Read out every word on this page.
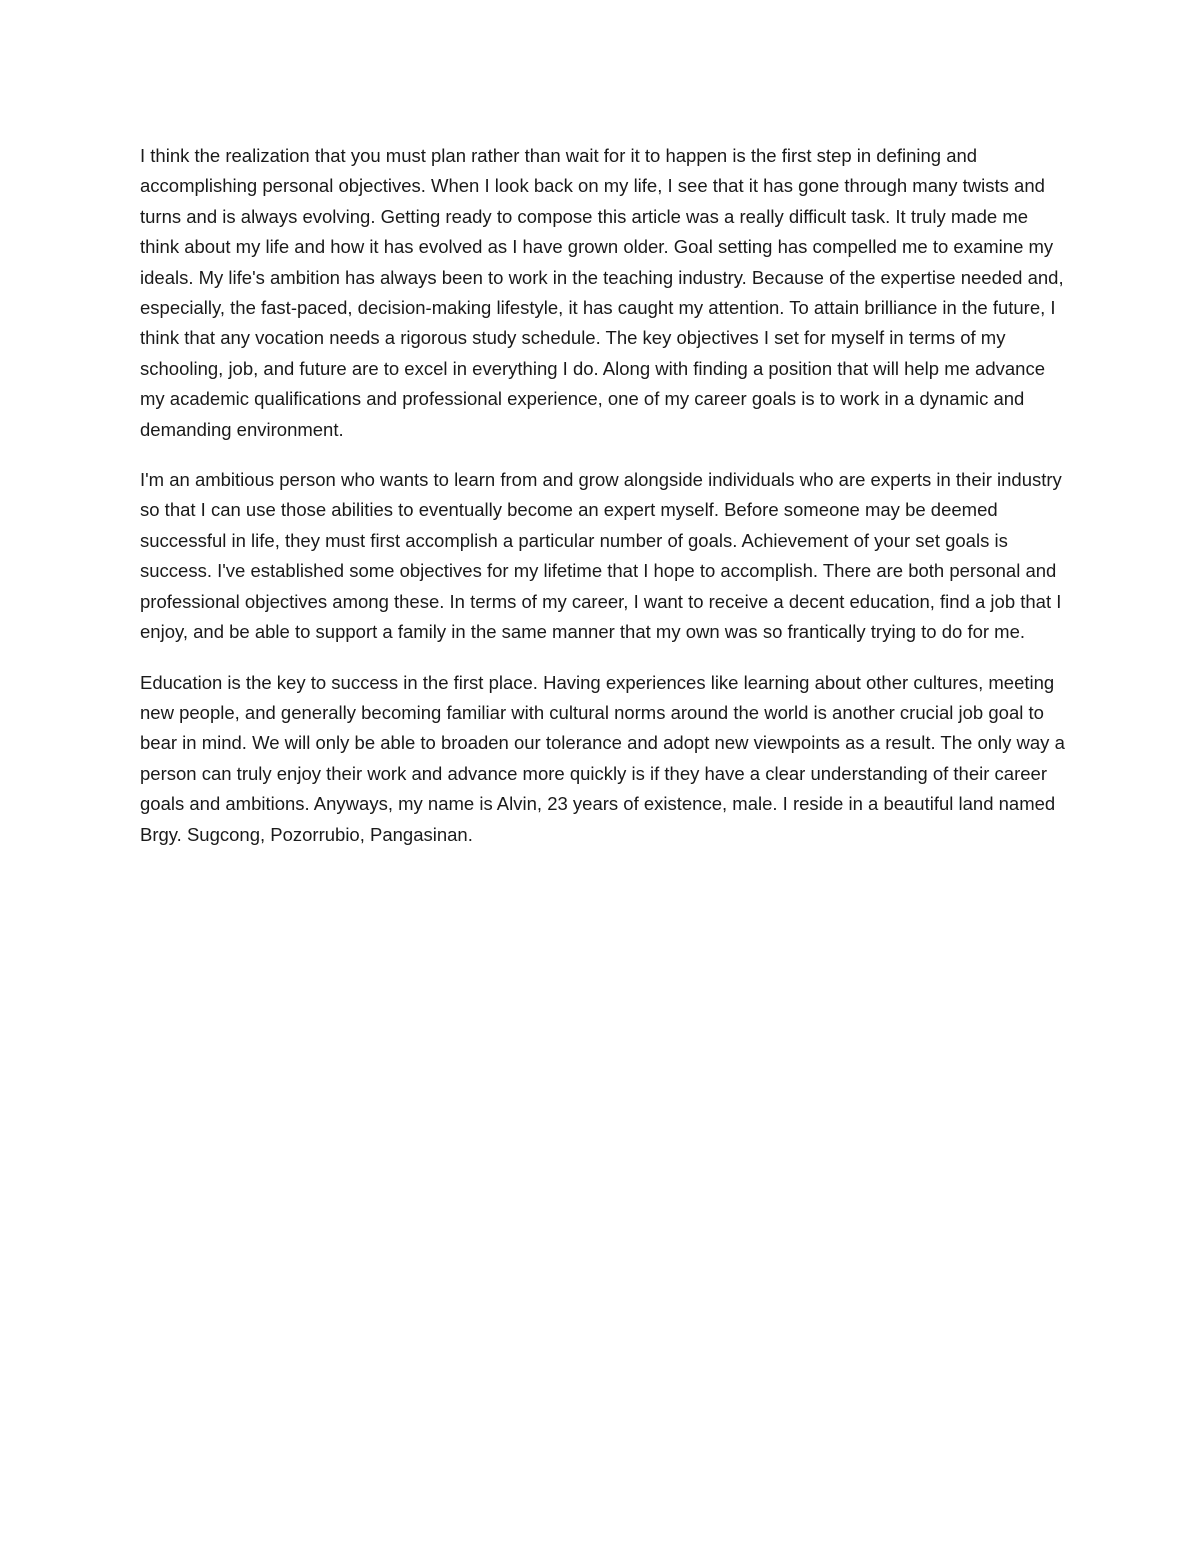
I think the realization that you must plan rather than wait for it to happen is the first step in defining and accomplishing personal objectives. When I look back on my life, I see that it has gone through many twists and turns and is always evolving. Getting ready to compose this article was a really difficult task. It truly made me think about my life and how it has evolved as I have grown older. Goal setting has compelled me to examine my ideals. My life's ambition has always been to work in the teaching industry. Because of the expertise needed and, especially, the fast-paced, decision-making lifestyle, it has caught my attention. To attain brilliance in the future, I think that any vocation needs a rigorous study schedule. The key objectives I set for myself in terms of my schooling, job, and future are to excel in everything I do. Along with finding a position that will help me advance my academic qualifications and professional experience, one of my career goals is to work in a dynamic and demanding environment.

I'm an ambitious person who wants to learn from and grow alongside individuals who are experts in their industry so that I can use those abilities to eventually become an expert myself. Before someone may be deemed successful in life, they must first accomplish a particular number of goals. Achievement of your set goals is success. I've established some objectives for my lifetime that I hope to accomplish. There are both personal and professional objectives among these. In terms of my career, I want to receive a decent education, find a job that I enjoy, and be able to support a family in the same manner that my own was so frantically trying to do for me.

Education is the key to success in the first place. Having experiences like learning about other cultures, meeting new people, and generally becoming familiar with cultural norms around the world is another crucial job goal to bear in mind. We will only be able to broaden our tolerance and adopt new viewpoints as a result. The only way a person can truly enjoy their work and advance more quickly is if they have a clear understanding of their career goals and ambitions. Anyways, my name is Alvin, 23 years of existence, male. I reside in a beautiful land named Brgy. Sugcong, Pozorrubio, Pangasinan.
